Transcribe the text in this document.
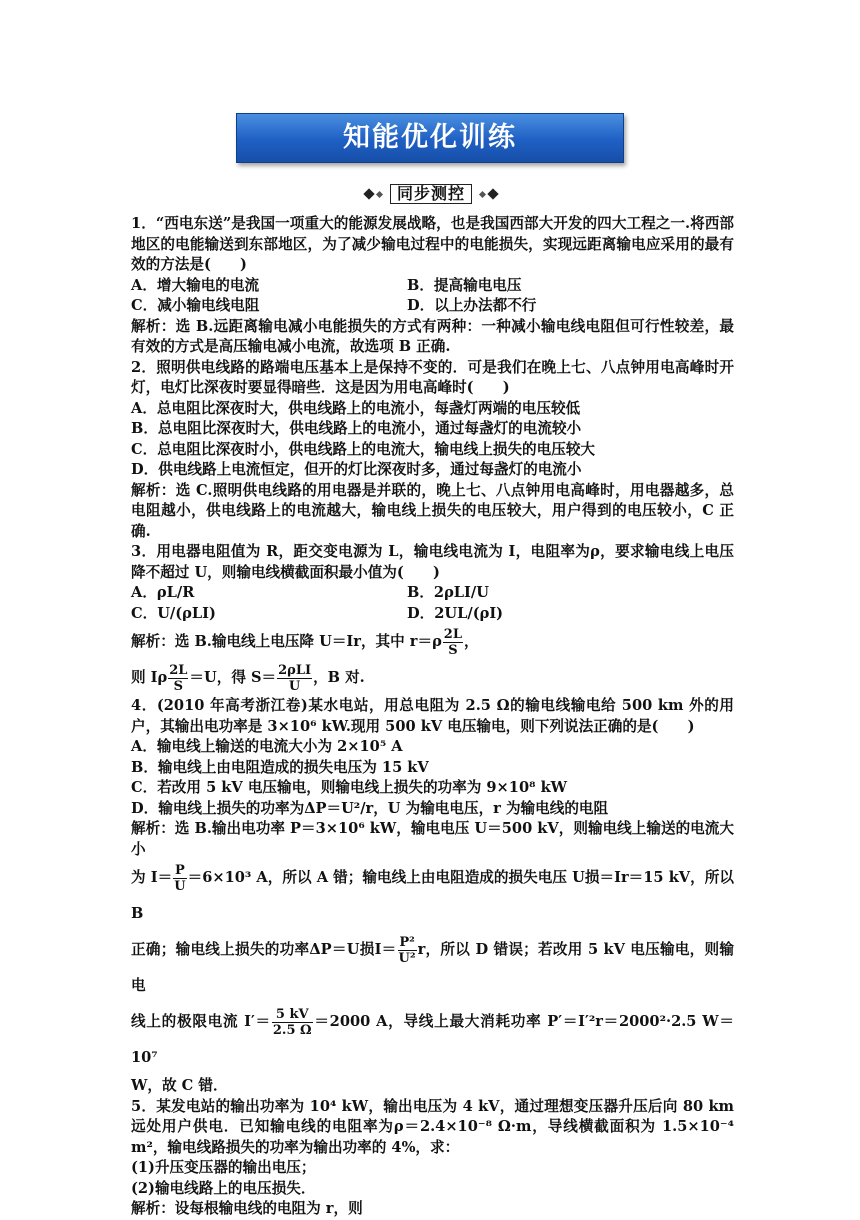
知能优化训练
同步测控

1．“西电东送”是我国一项重大的能源发展战略，也是我国西部大开发的四大工程之一.将西部地区的电能输送到东部地区，为了减少输电过程中的电能损失，实现远距离输电应采用的最有效的方法是(　　)

A．增大输电的电流	B．提高输电电压
C．减小输电线电阻	D．以上办法都不行

解析：选 B.远距离输电减小电能损失的方式有两种：一种减小输电线电阻但可行性较差，最有效的方式是高压输电减小电流，故选项 B 正确.

2．照明供电线路的路端电压基本上是保持不变的．可是我们在晚上七、八点钟用电高峰时开灯，电灯比深夜时要显得暗些．这是因为用电高峰时(　　)

A．总电阻比深夜时大，供电线路上的电流小，每盏灯两端的电压较低

B．总电阻比深夜时大，供电线路上的电流小，通过每盏灯的电流较小

C．总电阻比深夜时小，供电线路上的电流大，输电线上损失的电压较大

D．供电线路上电流恒定，但开的灯比深夜时多，通过每盏灯的电流小

解析：选 C.照明供电线路的用电器是并联的，晚上七、八点钟用电高峰时，用电器越多，总电阻越小，供电线路上的电流越大，输电线上损失的电压较大，用户得到的电压较小，C 正确.

3．用电器电阻值为 R，距交变电源为 L，输电线电流为 I，电阻率为ρ，要求输电线上电压降不超过 U，则输电线横截面积最小值为(　　)

A．ρL/R	B．2ρLI/U
C．U/(ρLI)	D．2UL/(ρI)

解析：选 B.输电线上电压降 U＝Ir，其中 $r=\rho \frac{2L}{S}$ ，

则 Iρ $\frac{2L}{S} =U$，得 $S= \frac{\text{2ρLI}}{U}$ ，B 对.

4．(2010 年高考浙江卷)某水电站，用总电阻为 2.5 Ω的输电线输电给 500 km 外的用户，其输出电功率是 3×10⁶ kW.现用 500 kV 电压输电，则下列说法正确的是(　　)

A．输电线上输送的电流大小为 2×10⁵ A

B．输电线上由电阻造成的损失电压为 15 kV

C．若改用 5 kV 电压输电，则输电线上损失的功率为 9×10⁸ kW

D．输电线上损失的功率为ΔP＝U²/r，U 为输电电压，r 为输电线的电阻

解析：选 B.输出电功率 P＝3×10⁶ kW，输电电压 U＝500 kV，则输电线上输送的电流大小

为 $I= \frac{P}{U} =6\times 10^3$ A，所以 A 错；输电线上由电阻造成的损失电压 U损＝Ir＝15 kV，所以 B

正确；输电线上损失的功率ΔP＝U损$I= \frac{\text{P²}}{\text{U²}}$ r，所以 D 错误；若改用 5 kV 电压输电，则输电

线上的极限电流 $I'= \frac{5 kV}{2.5 \Omega} =2000$ A，导线上最大消耗功率 P′＝I′²r＝2000²·2.5 W＝10⁷

W，故 C 错．

5．某发电站的输出功率为 10⁴ kW，输出电压为 4 kV，通过理想变压器升压后向 80 km 远处用户供电．已知输电线的电阻率为ρ＝2.4×10⁻⁸ Ω·m，导线横截面积为 1.5×10⁻⁴ m²，输电线路损失的功率为输出功率的 4%，求：

(1)升压变压器的输出电压；

(2)输电线路上的电压损失．

解析：设每根输电线的电阻为 r，则
